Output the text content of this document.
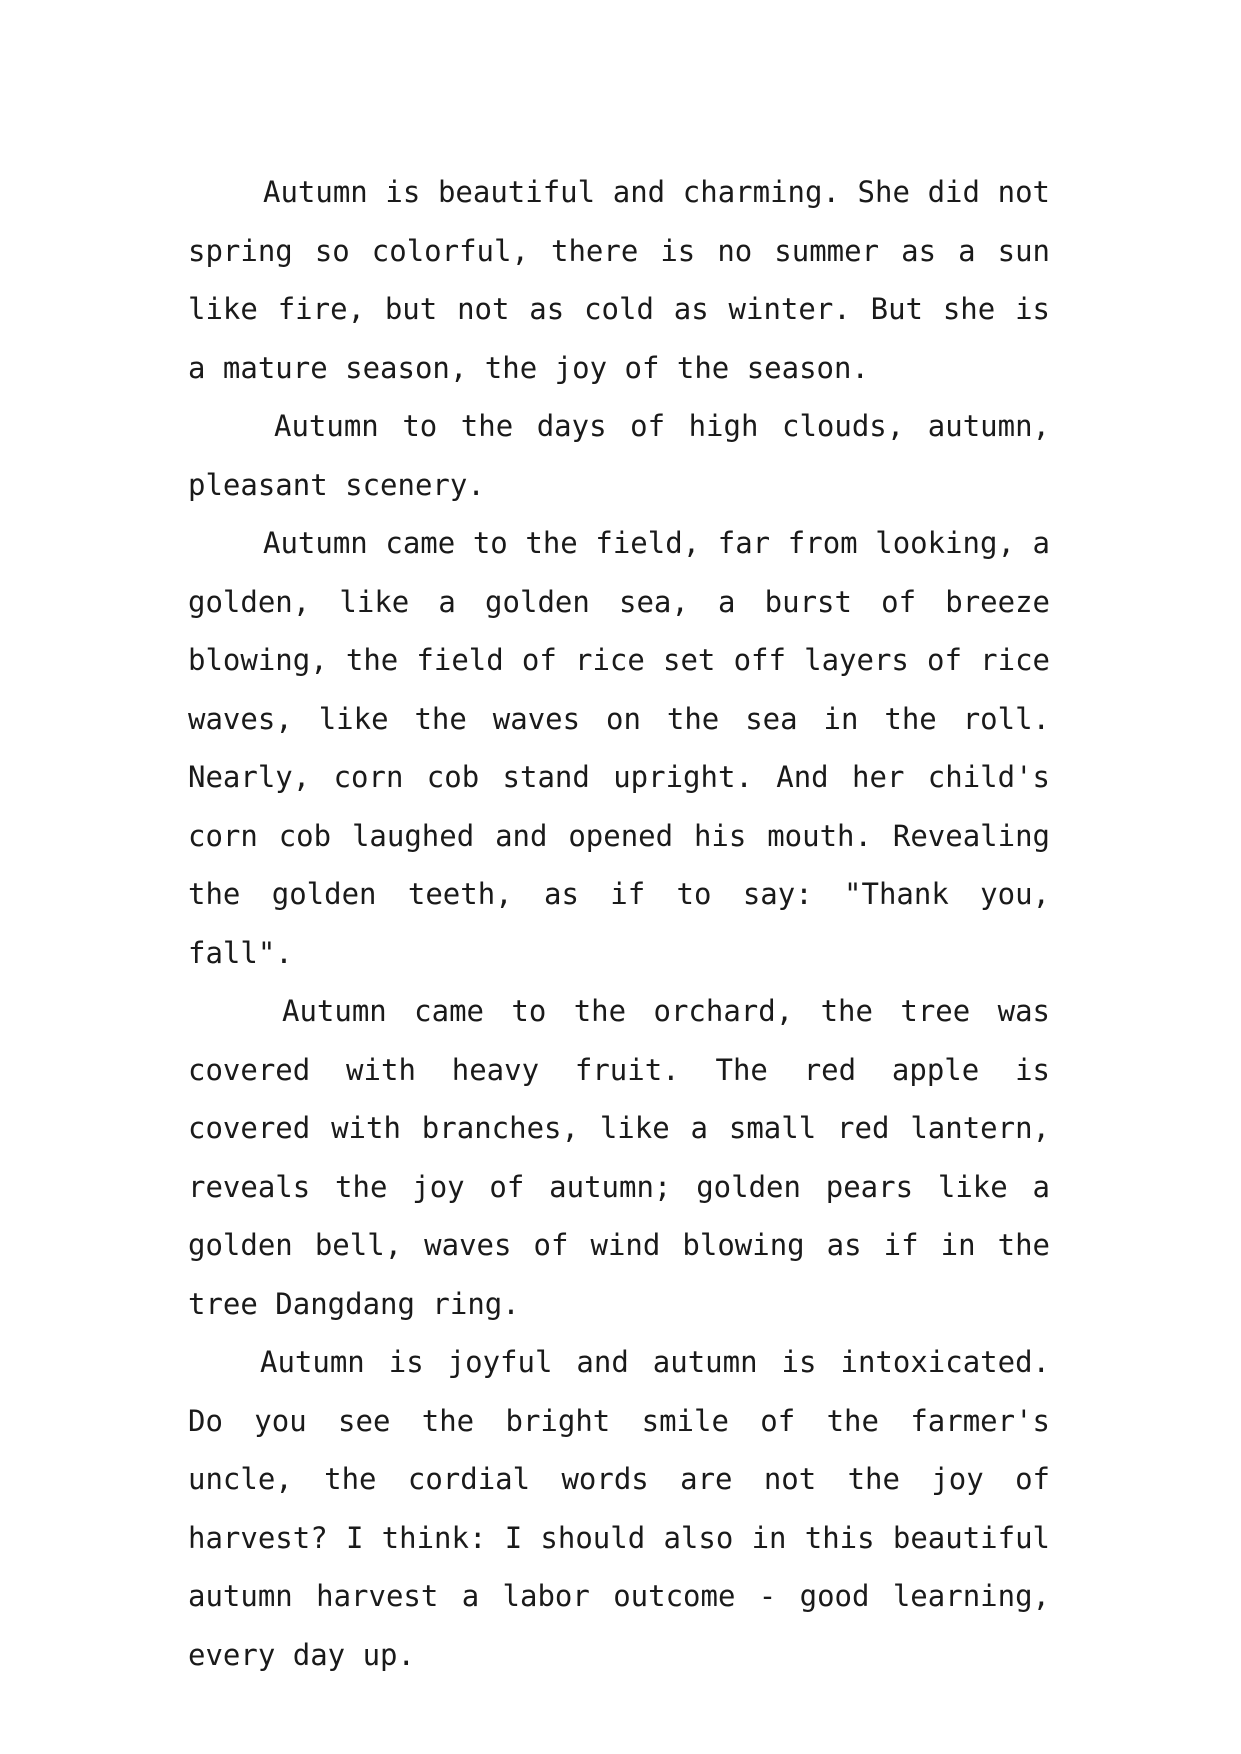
Autumn is beautiful and charming. She did not spring so colorful, there is no summer as a sun like fire, but not as cold as winter. But she is a mature season, the joy of the season.

Autumn to the days of high clouds, autumn, pleasant scenery.

Autumn came to the field, far from looking, a golden, like a golden sea, a burst of breeze blowing, the field of rice set off layers of rice waves, like the waves on the sea in the roll. Nearly, corn cob stand upright. And her child's corn cob laughed and opened his mouth. Revealing the golden teeth, as if to say: "Thank you, fall".

Autumn came to the orchard, the tree was covered with heavy fruit. The red apple is covered with branches, like a small red lantern, reveals the joy of autumn; golden pears like a golden bell, waves of wind blowing as if in the tree Dangdang ring.

Autumn is joyful and autumn is intoxicated. Do you see the bright smile of the farmer's uncle, the cordial words are not the joy of harvest? I think: I should also in this beautiful autumn harvest a labor outcome - good learning, every day up.
